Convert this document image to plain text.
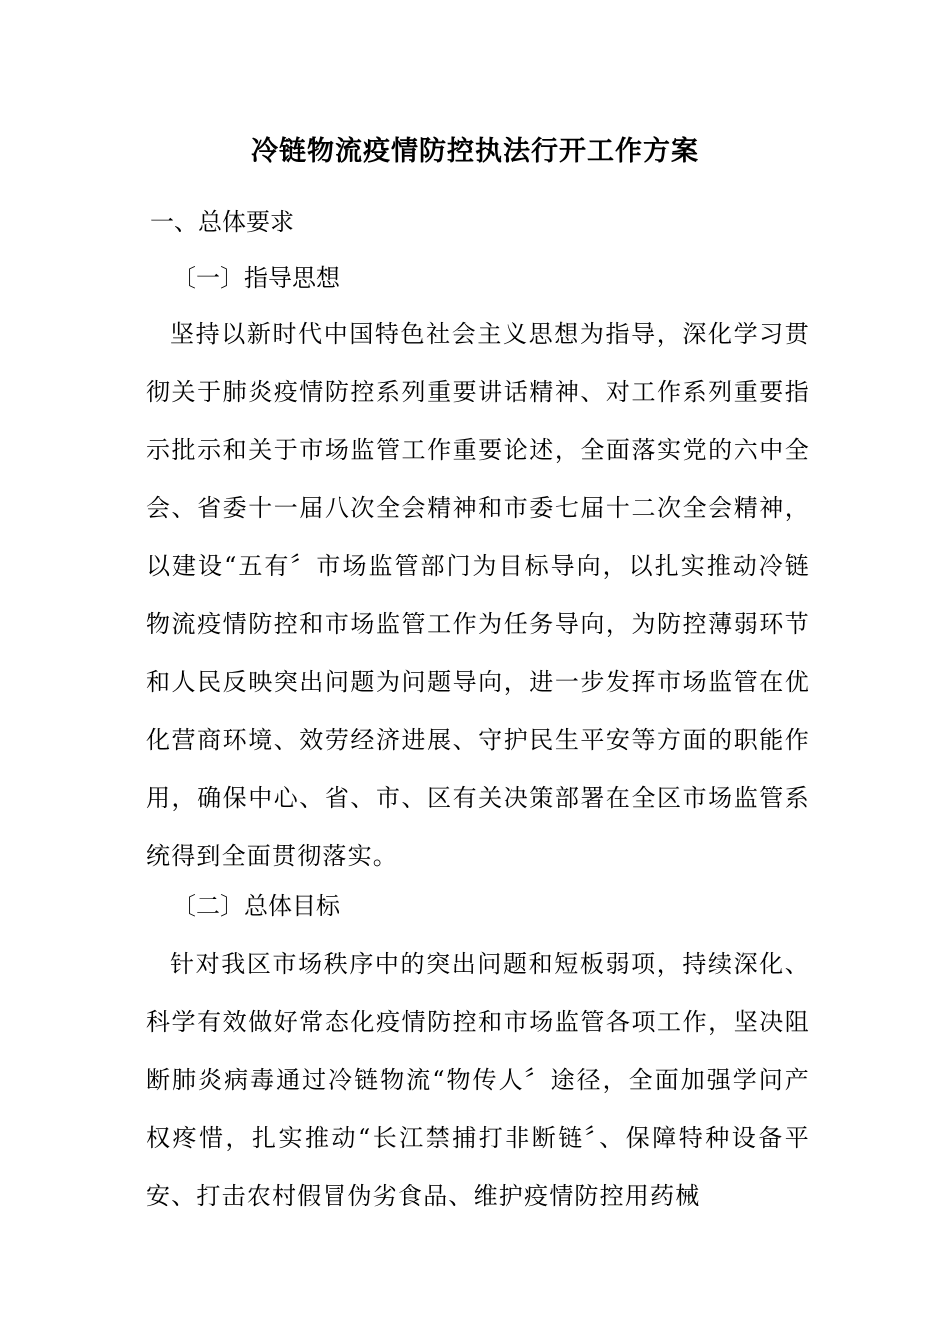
冷链物流疫情防控执法行开工作方案
一、总体要求
〔一〕指导思想

坚持以新时代中国特色社会主义思想为指导，深化学习贯彻关于肺炎疫情防控系列重要讲话精神、对工作系列重要指示批示和关于市场监管工作重要论述，全面落实党的六中全会、省委十一届八次全会精神和市委七届十二次全会精神，以建设“五有〞市场监管部门为目标导向，以扎实推动冷链物流疫情防控和市场监管工作为任务导向，为防控薄弱环节和人民反映突出问题为问题导向，进一步发挥市场监管在优化营商环境、效劳经济进展、守护民生平安等方面的职能作用，确保中心、省、市、区有关决策部署在全区市场监管系统得到全面贯彻落实。

〔二〕总体目标

针对我区市场秩序中的突出问题和短板弱项，持续深化、科学有效做好常态化疫情防控和市场监管各项工作，坚决阻断肺炎病毒通过冷链物流“物传人〞途径，全面加强学问产权疼惜，扎实推动“长江禁捕打非断链〞、保障特种设备平安、打击农村假冒伪劣食品、维护疫情防控用药械
